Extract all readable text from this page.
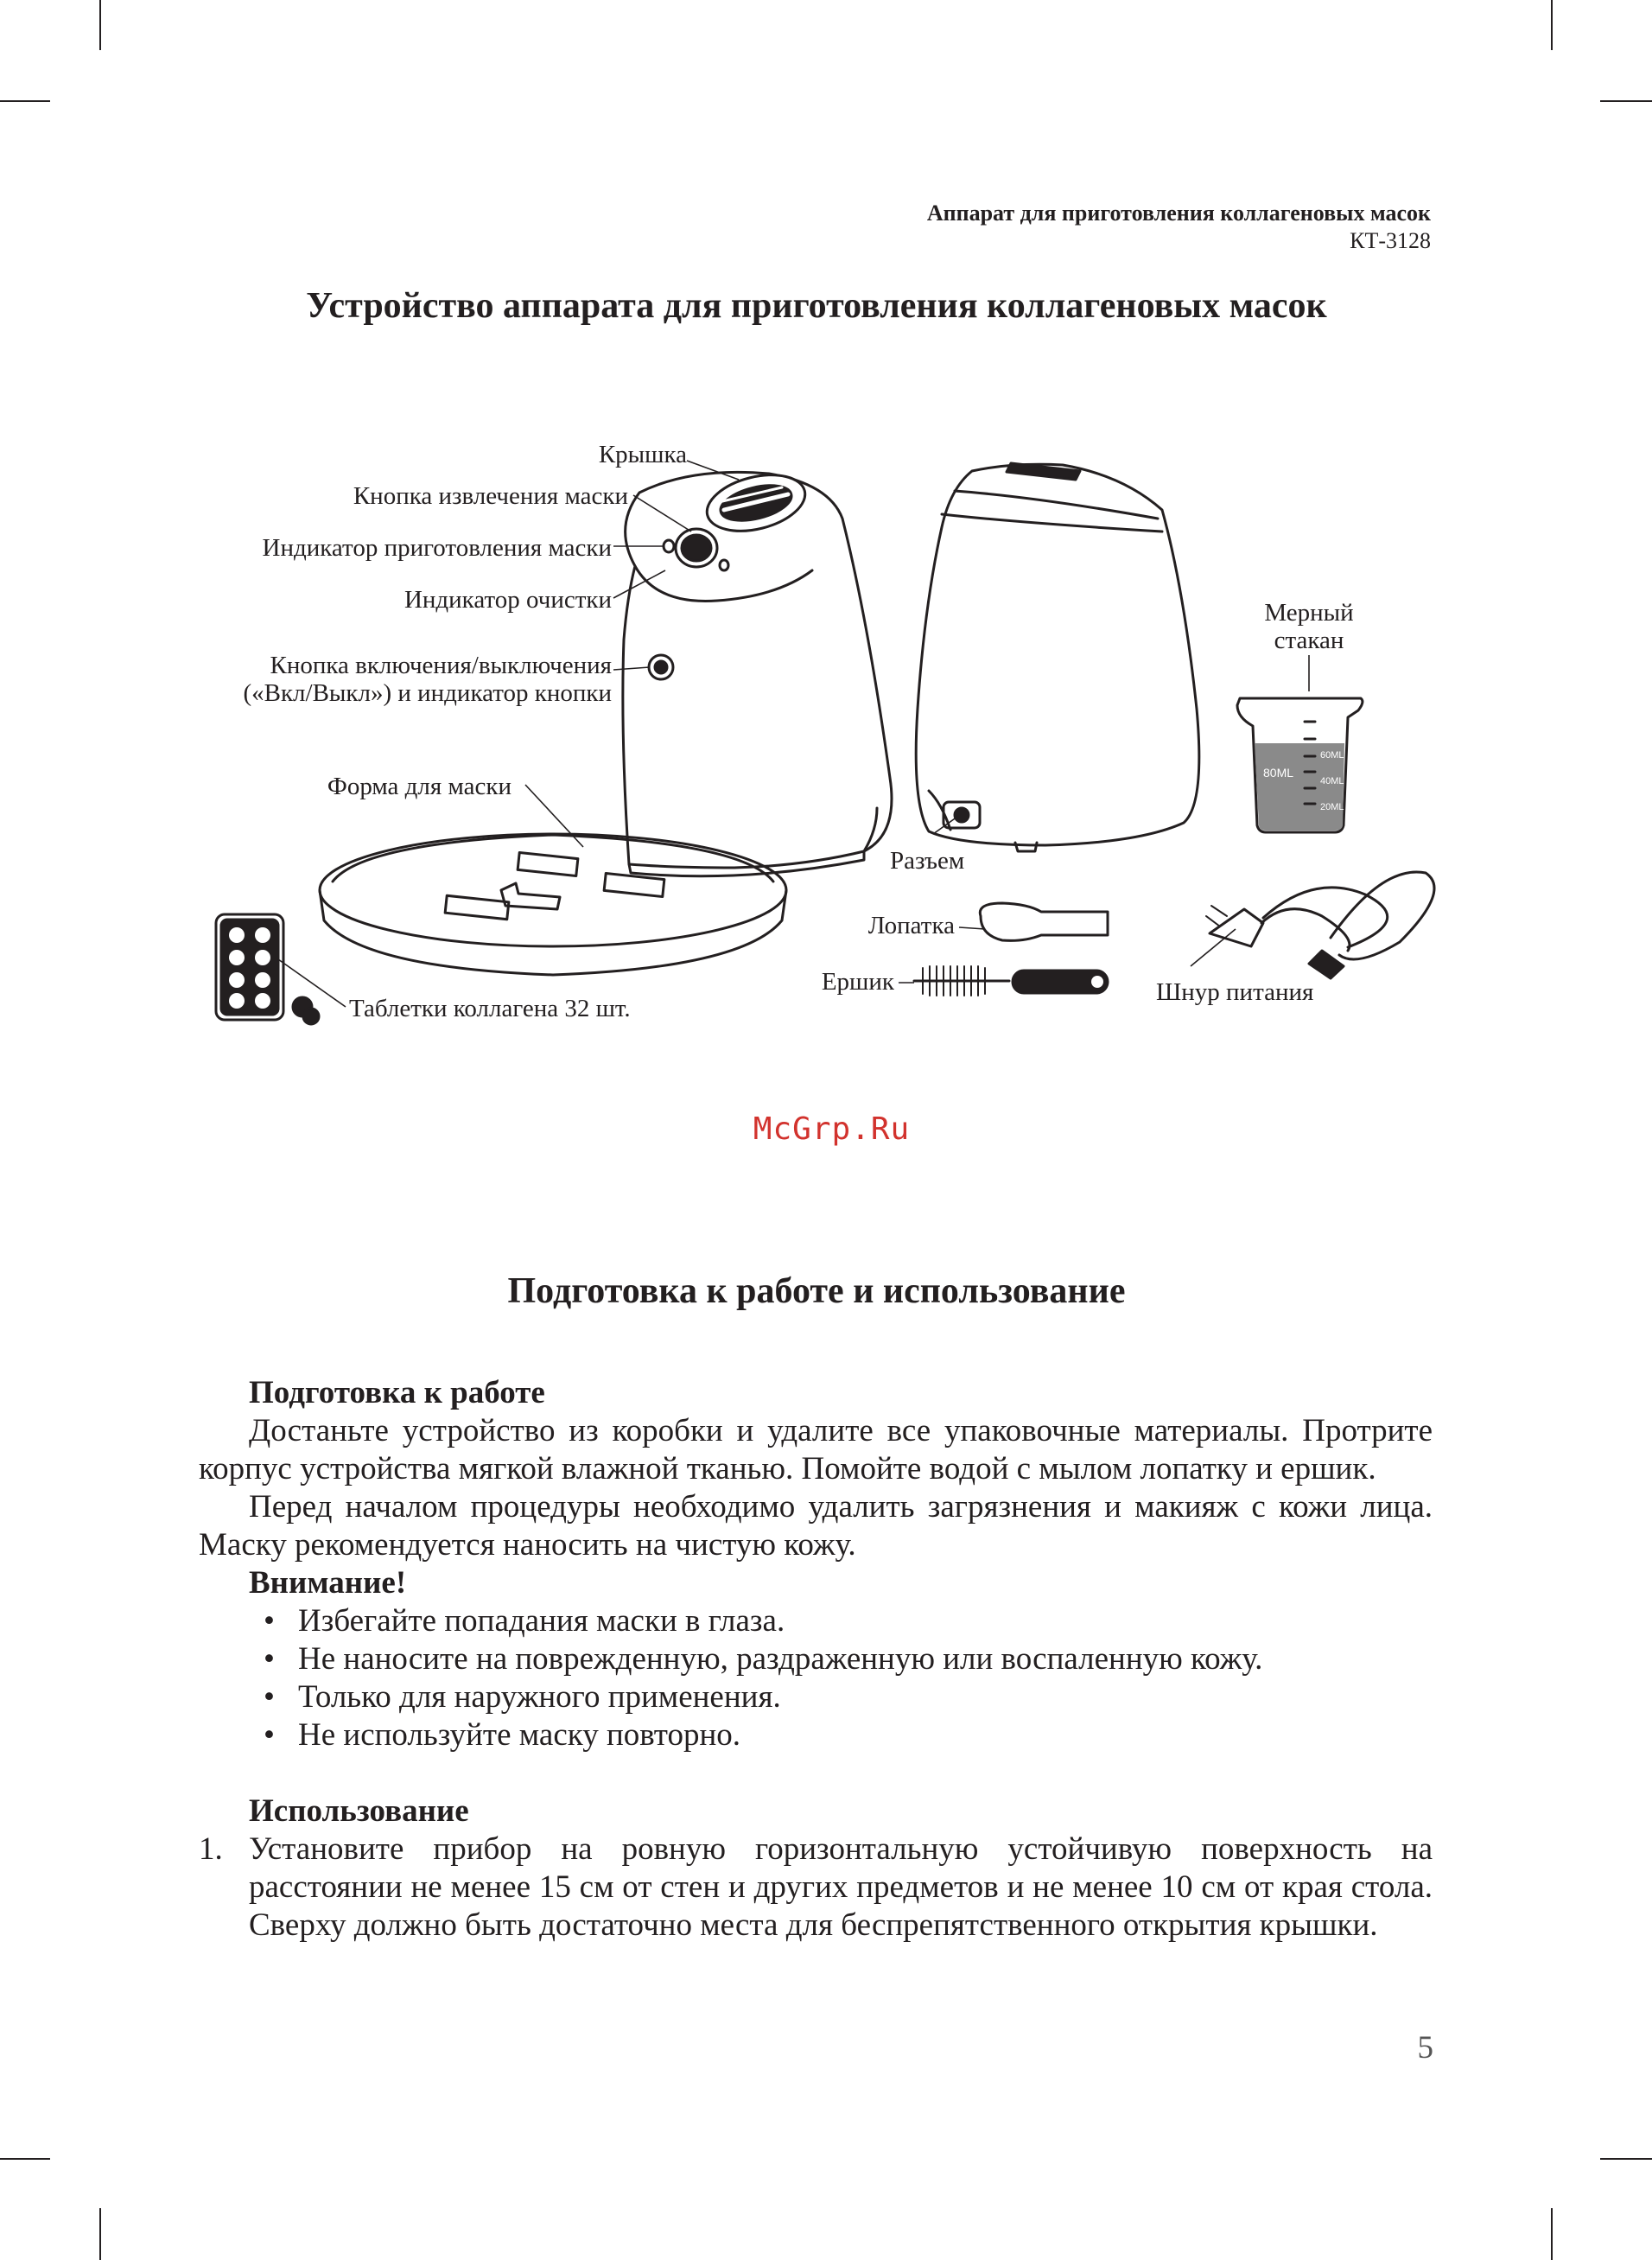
Аппарат для приготовления коллагеновых масок
КТ-3128
Устройство аппарата для приготовления коллагеновых масок
Крышка
Кнопка извлечения маски
Индикатор приготовления маски
Индикатор очистки
Кнопка включения/выключения
(«Вкл/Выкл») и индикатор кнопки
Форма для маски
Таблетки коллагена 32 шт.
Мерный
стакан
Разъем
Лопатка
Ершик	Шнур питания
80ML
60ML
40ML
20ML
McGrp.Ru
Подготовка к работе и использование

Подготовка к работе

Достаньте устройство из коробки и удалите все упаковочные материалы. Протрите корпус устройства мягкой влажной тканью. Помойте водой с мылом лопатку и ершик.

Перед началом процедуры необходимо удалить загрязнения и макияж с кожи лица. Маску рекомендуется наносить на чистую кожу.

Внимание!

• Избегайте попадания маски в глаза.
• Не наносите на поврежденную, раздраженную или воспаленную кожу.
• Только для наружного применения.
• Не используйте маску повторно.

Использование

1. Установите прибор на ровную горизонтальную устойчивую поверхность на расстоянии не менее 15 см от стен и других предметов и не менее 10 см от края стола. Сверху должно быть достаточно места для беспрепятственного открытия крышки.
5
